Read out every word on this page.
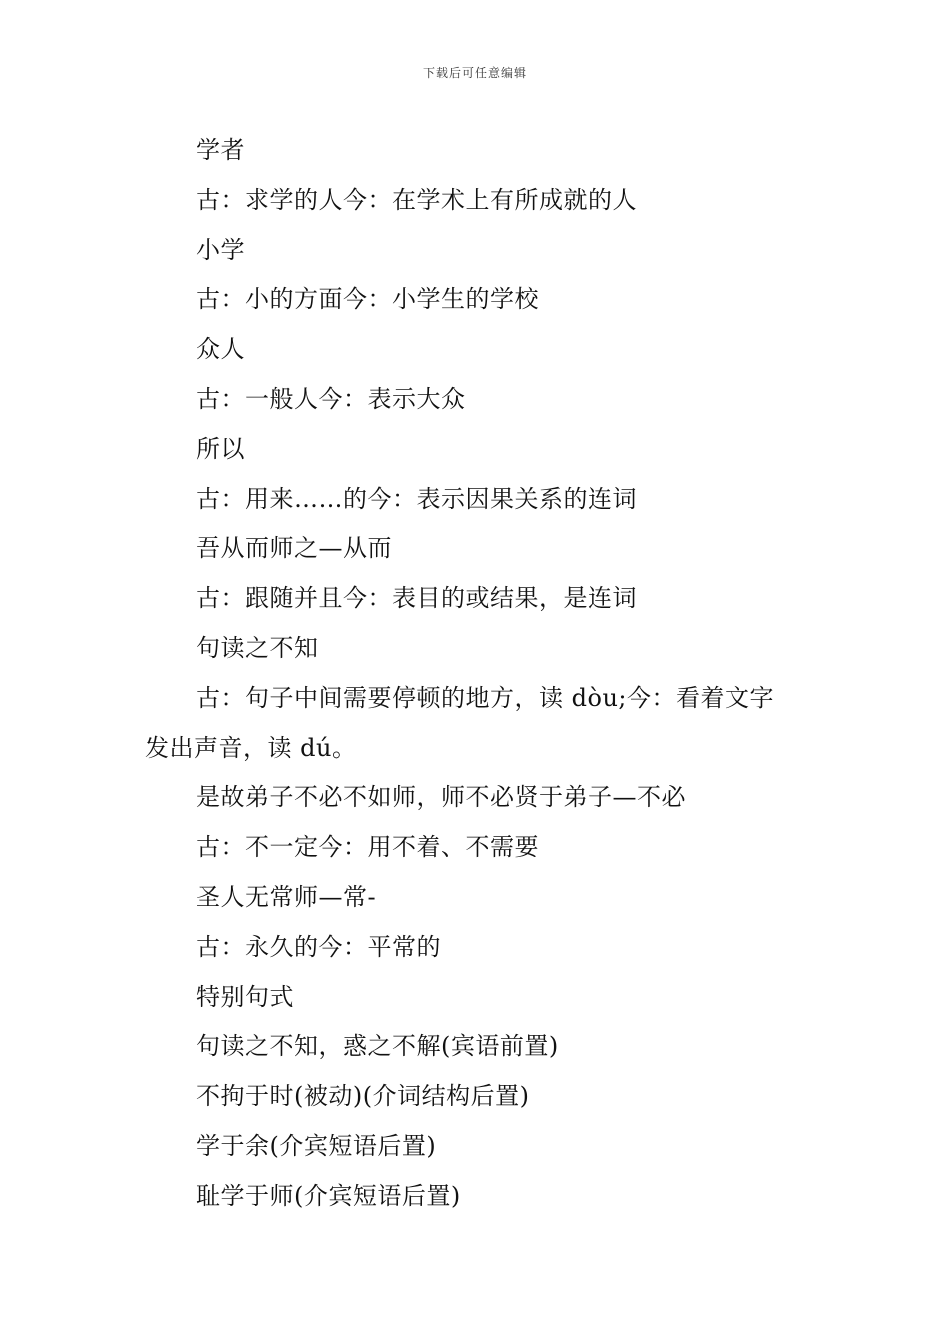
下载后可任意编辑
学者
古：求学的人今：在学术上有所成就的人
小学
古：小的方面今：小学生的学校
众人
古：一般人今：表示大众
所以
古：用来……的今：表示因果关系的连词
吾从而师之—从而
古：跟随并且今：表目的或结果，是连词
句读之不知
古：句子中间需要停顿的地方，读 dòu;今：看着文字
发出声音，读 dú。
是故弟子不必不如师，师不必贤于弟子—不必
古：不一定今：用不着、不需要
圣人无常师—常-
古：永久的今：平常的
特别句式
句读之不知，惑之不解(宾语前置)
不拘于时(被动)(介词结构后置)
学于余(介宾短语后置)
耻学于师(介宾短语后置)
